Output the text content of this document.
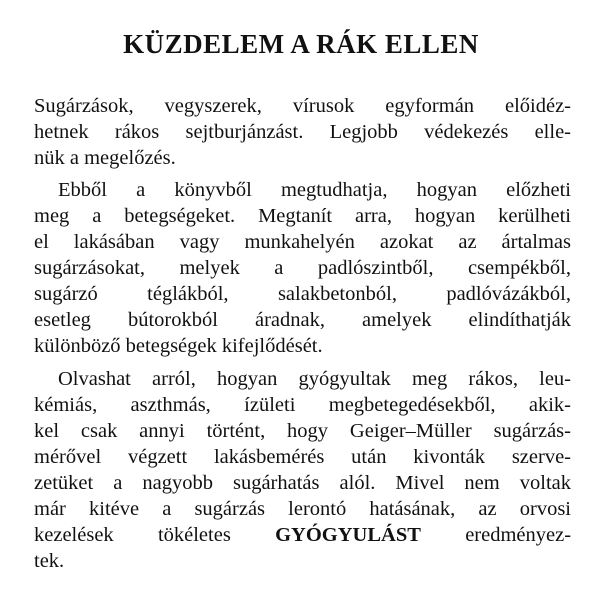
KÜZDELEM A RÁK ELLEN
Sugárzások, vegyszerek, vírusok egyformán előidéz-
hetnek rákos sejtburjánzást. Legjobb védekezés elle-
nük a megelőzés.
Ebből a könyvből megtudhatja, hogyan előzheti
meg a betegségeket. Megtanít arra, hogyan kerülheti
el lakásában vagy munkahelyén azokat az ártalmas
sugárzásokat, melyek a padlószintből, csempékből,
sugárzó téglákból, salakbetonból, padlóvázákból,
esetleg bútorokból áradnak, amelyek elindíthatják
különböző betegségek kifejlődését.
Olvashat arról, hogyan gyógyultak meg rákos, leu-
kémiás, aszthmás, ízületi megbetegedésekből, akik-
kel csak annyi történt, hogy Geiger–Müller sugárzás-
mérővel végzett lakásbemérés után kivonták szerve-
zetüket a nagyobb sugárhatás alól. Mivel nem voltak
már kitéve a sugárzás lerontó hatásának, az orvosi
kezelések tökéletes GYÓGYULÁST eredményez-
tek.
